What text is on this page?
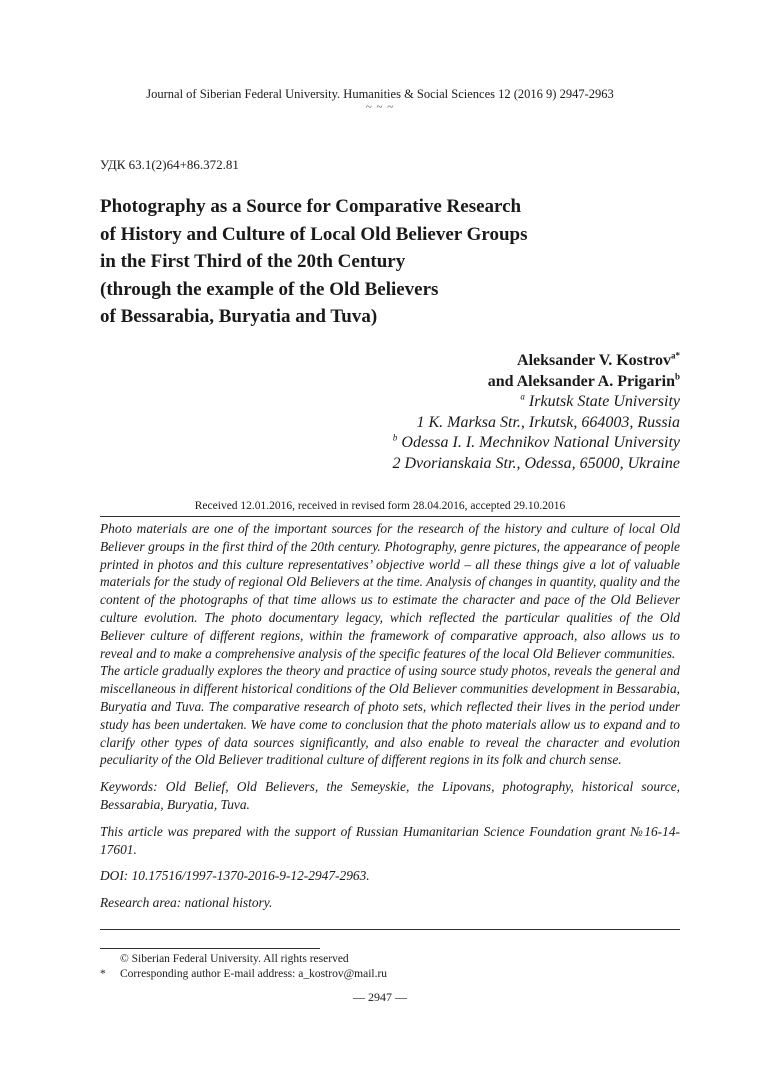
Journal of Siberian Federal University. Humanities & Social Sciences 12 (2016 9) 2947-2963
~ ~ ~
УДК 63.1(2)64+86.372.81
Photography as a Source for Comparative Research
of History and Culture of Local Old Believer Groups
in the First Third of the 20th Century
(through the example of the Old Believers
of Bessarabia, Buryatia and Tuva)
Aleksander V. Kostrov$^{a*}$
and Aleksander A. Prigarin$^b$
$^a$ Irkutsk State University
1 K. Marksa Str., Irkutsk, 664003, Russia
$^b$ Odessa I. I. Mechnikov National University
2 Dvorianskaia Str., Odessa, 65000, Ukraine
Received 12.01.2016, received in revised form 28.04.2016, accepted 29.10.2016

Photo materials are one of the important sources for the research of the history and culture of local Old Believer groups in the first third of the 20th century. Photography, genre pictures, the appearance of people printed in photos and this culture representatives’ objective world – all these things give a lot of valuable materials for the study of regional Old Believers at the time. Analysis of changes in quantity, quality and the content of the photographs of that time allows us to estimate the character and pace of the Old Believer culture evolution. The photo documentary legacy, which reflected the particular qualities of the Old Believer culture of different regions, within the framework of comparative approach, also allows us to reveal and to make a comprehensive analysis of the specific features of the local Old Believer communities.

The article gradually explores the theory and practice of using source study photos, reveals the general and miscellaneous in different historical conditions of the Old Believer communities development in Bessarabia, Buryatia and Tuva. The comparative research of photo sets, which reflected their lives in the period under study has been undertaken. We have come to conclusion that the photo materials allow us to expand and to clarify other types of data sources significantly, and also enable to reveal the character and evolution peculiarity of the Old Believer traditional culture of different regions in its folk and church sense.

Keywords: Old Belief, Old Believers, the Semeyskie, the Lipovans, photography, historical source, Bessarabia, Buryatia, Tuva.

This article was prepared with the support of Russian Humanitarian Science Foundation grant №16-14-17601.

DOI: 10.17516/1997-1370-2016-9-12-2947-2963.

Research area: national history.

© Siberian Federal University. All rights reserved
* Corresponding author E-mail address: a_kostrov@mail.ru
— 2947 —
